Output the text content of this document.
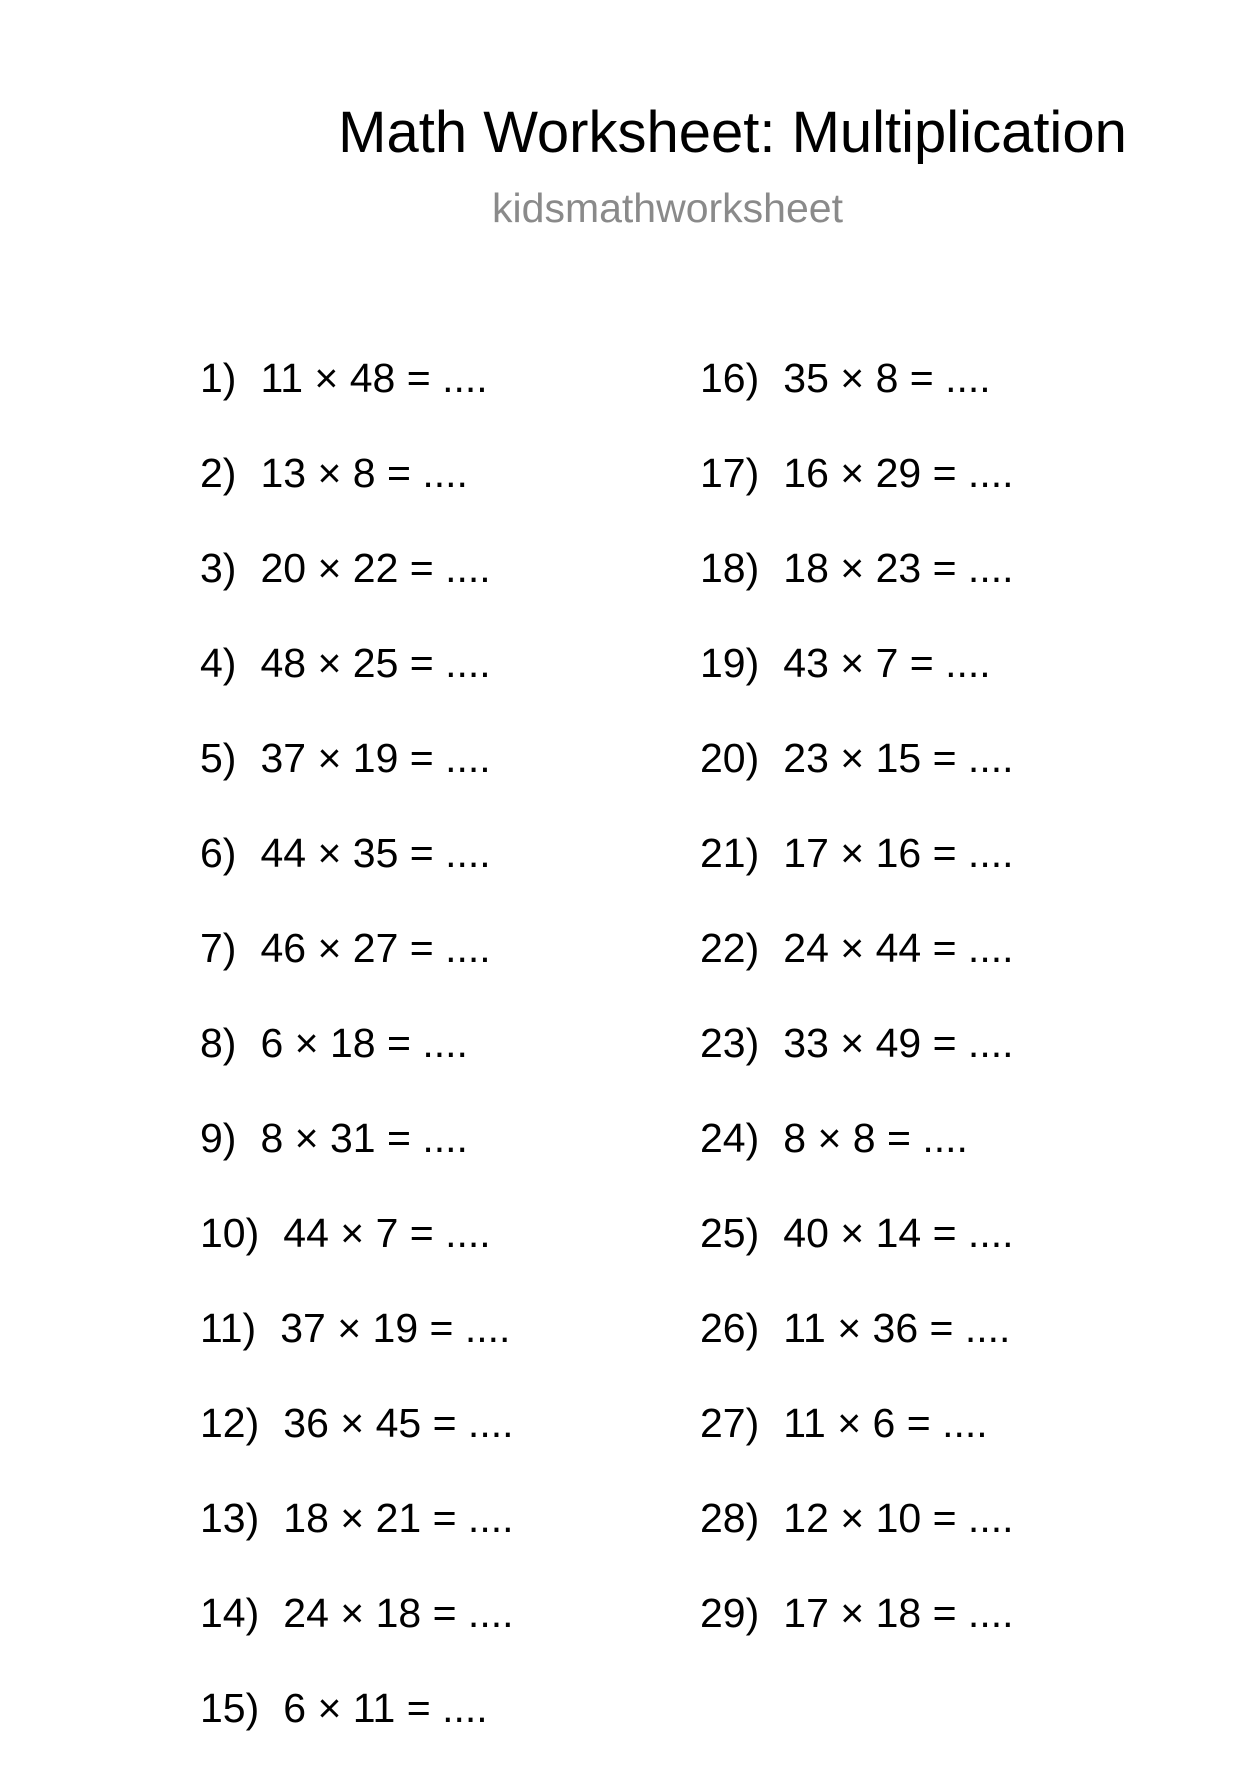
Math Worksheet: Multiplication
kidsmathworksheet
1) 11 × 48 = ....
2) 13 × 8 = ....
3) 20 × 22 = ....
4) 48 × 25 = ....
5) 37 × 19 = ....
6) 44 × 35 = ....
7) 46 × 27 = ....
8) 6 × 18 = ....
9) 8 × 31 = ....
10) 44 × 7 = ....
11) 37 × 19 = ....
12) 36 × 45 = ....
13) 18 × 21 = ....
14) 24 × 18 = ....
15) 6 × 11 = ....
16) 35 × 8 = ....
17) 16 × 29 = ....
18) 18 × 23 = ....
19) 43 × 7 = ....
20) 23 × 15 = ....
21) 17 × 16 = ....
22) 24 × 44 = ....
23) 33 × 49 = ....
24) 8 × 8 = ....
25) 40 × 14 = ....
26) 11 × 36 = ....
27) 11 × 6 = ....
28) 12 × 10 = ....
29) 17 × 18 = ....
